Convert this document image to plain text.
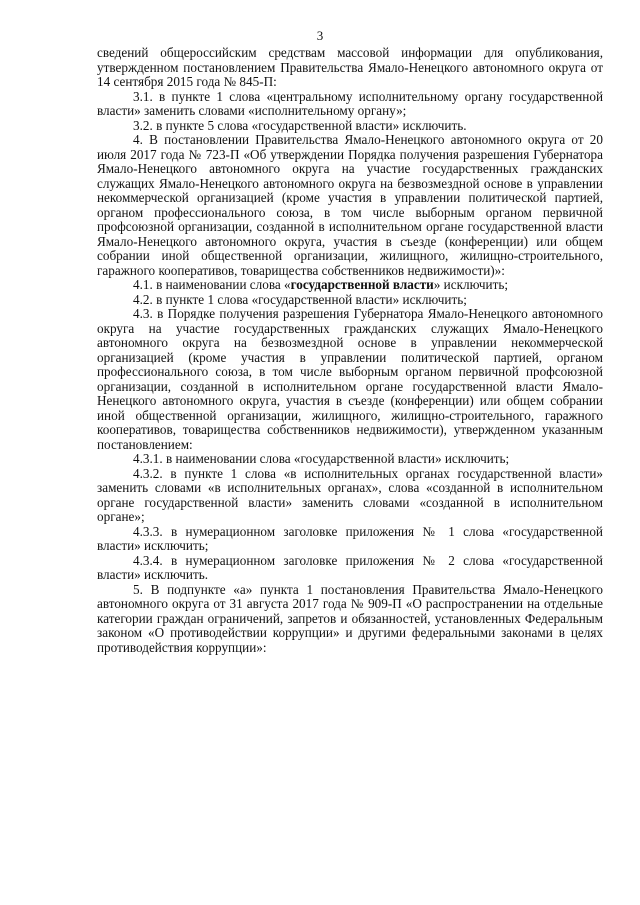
3

сведений общероссийским средствам массовой информации для опубликования, утвержденном постановлением Правительства Ямало-Ненецкого автономного округа от 14 сентября 2015 года № 845-П:

3.1. в пункте 1 слова «центральному исполнительному органу государственной власти» заменить словами «исполнительному органу»;

3.2. в пункте 5 слова «государственной власти» исключить.

4. В постановлении Правительства Ямало-Ненецкого автономного округа от 20 июля 2017 года № 723-П «Об утверждении Порядка получения разрешения Губернатора Ямало-Ненецкого автономного округа на участие государственных гражданских служащих Ямало-Ненецкого автономного округа на безвозмездной основе в управлении некоммерческой организацией (кроме участия в управлении политической партией, органом профессионального союза, в том числе выборным органом первичной профсоюзной организации, созданной в исполнительном органе государственной власти Ямало-Ненецкого автономного округа, участия в съезде (конференции) или общем собрании иной общественной организации, жилищного, жилищно-строительного, гаражного кооперативов, товарищества собственников недвижимости)»:

4.1. в наименовании слова «государственной власти» исключить;

4.2. в пункте 1 слова «государственной власти» исключить;

4.3. в Порядке получения разрешения Губернатора Ямало-Ненецкого автономного округа на участие государственных гражданских служащих Ямало-Ненецкого автономного округа на безвозмездной основе в управлении некоммерческой организацией (кроме участия в управлении политической партией, органом профессионального союза, в том числе выборным органом первичной профсоюзной организации, созданной в исполнительном органе государственной власти Ямало-Ненецкого автономного округа, участия в съезде (конференции) или общем собрании иной общественной организации, жилищного, жилищно-строительного, гаражного кооперативов, товарищества собственников недвижимости), утвержденном указанным постановлением:

4.3.1. в наименовании слова «государственной власти» исключить;

4.3.2. в пункте 1 слова «в исполнительных органах государственной власти» заменить словами «в исполнительных органах», слова «созданной в исполнительном органе государственной власти» заменить словами «созданной в исполнительном органе»;

4.3.3. в нумерационном заголовке приложения № 1 слова «государственной власти» исключить;

4.3.4. в нумерационном заголовке приложения № 2 слова «государственной власти» исключить.

5. В подпункте «а» пункта 1 постановления Правительства Ямало-Ненецкого автономного округа от 31 августа 2017 года № 909-П «О распространении на отдельные категории граждан ограничений, запретов и обязанностей, установленных Федеральным законом «О противодействии коррупции» и другими федеральными законами в целях противодействия коррупции»:
